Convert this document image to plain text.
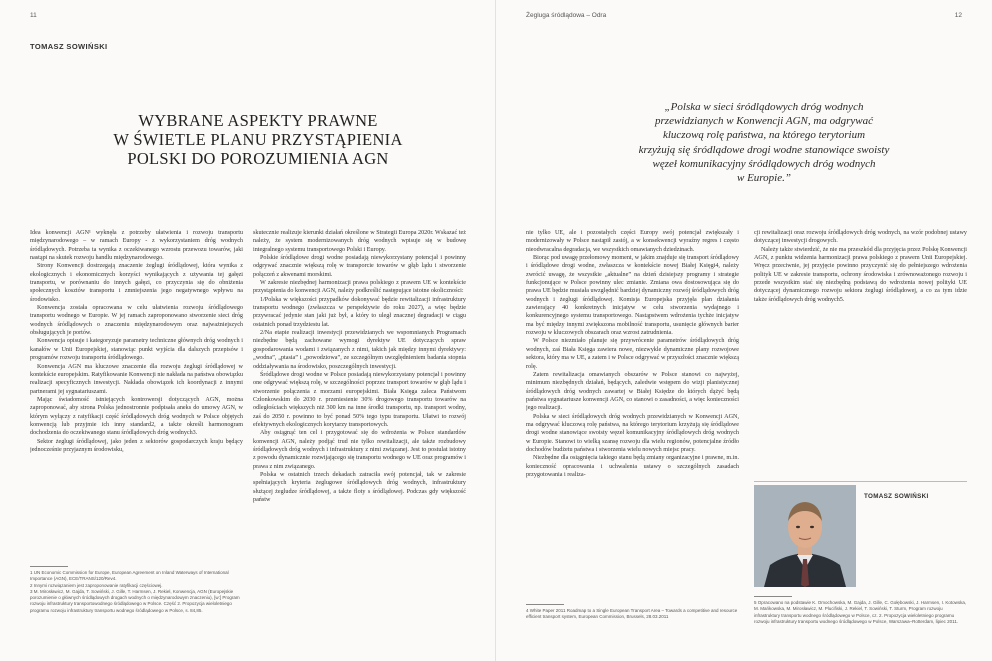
11
TOMASZ SOWIŃSKI
WYBRANE ASPEKTY PRAWNE
W ŚWIETLE PLANU PRZYSTĄPIENIA
POLSKI DO POROZUMIENIA AGN

Idea konwencji AGN¹ wyknęła z potrzeby ułatwienia i rozwoju transportu międzynarodowego – w ramach Europy - z wykorzystaniem dróg wodnych śródlądowych. Potrzeba ta wynika z oczekiwanego wzrostu przewozu towarów, jaki nastąpi na skutek rozwoju handlu międzynarodowego.

Strony Konwencji dostrzegają znaczenie żeglugi śródlądowej, która wynika z ekologicznych i ekonomicznych korzyści wynikających z używania tej gałęzi transportu, w porównaniu do innych gałęzi, co przyczynia się do obniżenia społecznych kosztów transportu i zmniejszenia jego negatywnego wpływu na środowisko.

Konwencja została opracowana w celu ułatwienia rozwoju śródlądowego transportu wodnego w Europie. W jej ramach zaproponowano stworzenie sieci dróg wodnych śródlądowych o znaczeniu międzynarodowym oraz najważniejszych obsługujących je portów.

Konwencja opisuje i kategoryzuje parametry techniczne głównych dróg wodnych i kanałów w Unii Europejskiej, stanowiąc punkt wyjścia dla dalszych przepisów i programów rozwoju transportu śródlądowego.

Konwencja AGN ma kluczowe znaczenie dla rozwoju żeglugi śródlądowej w kontekście europejskim. Ratyfikowanie Konwencji nie nakłada na państwa obowiązku realizacji specyficznych inwestycji. Nakłada obowiązek ich koordynacji z innymi partnerami jej sygnatariuszami.

Mając świadomość istniejących kontrowersji dotyczących AGN, można zaproponować, aby strona Polska jednostronnie podpisała aneks do umowy AGN, w którym wyłączy z ratyfikacji część śródlądowych dróg wodnych w Polsce objętych konwencją lub przyjmie ich inny standard2, a także określi harmonogram dochodzenia do oczekiwanego stanu śródlądowych dróg wodnych3.

Sektor żeglugi śródlądowej, jako jeden z sektorów gospodarczych kraju będący jednocześnie przyjaznym środowisku,

1 UN Economic Commission for Europe, European Agreement on Inland Waterways of International Importance (AGN), ECE/TRANS/120/Rev4.
2 Innymi rozwiązaniem jest zaproponowanie ratyfikacji częściowej.
3 M. Mirosławicz, M. Gajda, T. Sowiński, J. Gille, T. Harmsen, J. Rekiel, Konwencja, AGN (Europejskie porozumienie o głównych śródlądowych drogach wodnych o międzynarodowym znaczeniu), [w:] Program rozwoju infrastruktury transportowodnego śródlądowego w Polsce. Część 2. Propozycja wieloletniego programu rozwoju infrastruktury transportu wodnego śródlądowego w Polsce, s. 84,85.

skutecznie realizuje kierunki działań określone w Strategii Europa 2020r. Wskazać też należy, że system modernizowanych dróg wodnych wpisuje się w budowę integralnego systemu transportowego Polski i Europy.

Polskie śródlądowe drogi wodne posiadają niewykorzystany potencjał i powinny odgrywać znacznie większą rolę w transporcie towarów w głąb lądu i stworzenie połączeń z akwenami morskimi.

W zakresie niezbędnej harmonizacji prawa polskiego z prawem UE w kontekście przystąpienia do konwencji AGN, należy podkreślić następujące istotne okoliczności:

1/Polska w większości przypadków dokonywać będzie rewitalizacji infrastruktury transportu wodnego (zwłaszcza w perspektywie do roku 2027), a więc będzie przywracać jedynie stan jaki już był, a który to uległ znacznej degradacji w ciągu ostatnich ponad trzydziestu lat.

2/Na etapie realizacji inwestycji przewidzianych we wspomnianych Programach niezbędne będą zachowane wymogi dyrektyw UE dotyczących spraw gospodarowania wodami i związanych z nimi, takich jak między innymi dyrektywy: „wodna”, „ptasia” i „powodziowa”, ze szczególnym uwzględnieniem badania stopnia oddziaływania na środowisko, poszczególnych inwestycji.

Śródlądowe drogi wodne w Polsce posiadają niewykorzystany potencjał i powinny one odgrywać większą rolę, w szczególności poprzez transport towarów w głąb lądu i stworzenie połączenia z morzami europejskimi. Biała Księga zaleca Państwom Członkowskim do 2030 r. przeniesienie 30% drogowego transportu towarów na odległościach większych niż 300 km na inne środki transportu, np. transport wodny, zaś do 2050 r. powinno to być ponad 50% tego typu transportu. Ułatwi to rozwój efektywnych ekologicznych korytarzy transportowych.

Aby osiągnąć ten cel i przygotować się do wdrożenia w Polsce standardów konwencji AGN, należy podjąć trud nie tylko rewitalizacji, ale także rozbudowy śródlądowych dróg wodnych i infrastruktury z nimi związanej. Jest to postulat istotny z powodu dynamicznie rozwijającego się transportu wodnego w UE oraz programów i prawa z nim związanego.

Polska w ostatnich trzech dekadach zatraciła swój potencjał, tak w zakresie spełniających kryteria żeglugowe śródlądowych dróg wodnych, infrastruktury służącej żegludze śródlądowej, a także floty s śródlądowej. Podczas gdy większość państw

Żegluga śródlądowa – Odra	12
„Polska w sieci śródlądowych dróg wodnych
przewidzianych w Konwencji AGN, ma odgrywać
kluczową rolę państwa, na którego terytorium
krzyżują się śródlądowe drogi wodne stanowiące swoisty
węzeł komunikacyjny śródlądowych dróg wodnych
w Europie.”

nie tylko UE, ale i pozostałych części Europy swój potencjał zwiększały i modernizowały w Polsce nastąpił zastój, a w konsekwencji wyraźny regres i często nieodwracalna degradacja, we wszystkich omawianych dziedzinach.

Biorąc pod uwagę przełomowy moment, w jakim znajduje się transport śródlądowy i śródlądowe drogi wodne, zwłaszcza w kontekście nowej Białej Księgi4, należy zwrócić uwagę, że wszystkie „aktualne” na dzień dzisiejszy programy i strategie funkcjonujące w Polsce powinny ulec zmianie. Zmiana owa dostosowująca się do prawa UE będzie musiała uwzględnić bardziej dynamiczny rozwój śródlądowych dróg wodnych i żeglugi śródlądowej. Komisja Europejska przyjęła plan działania zawierający 40 konkretnych inicjatyw w celu stworzenia wydajnego i konkurencyjnego systemu transportowego. Nastąpstwem wdrożenia tychże inicjatyw ma być między innymi zwiększona mobilność transportu, usunięcie głównych barier rozwoju w kluczowych obszarach oraz wzrost zatrudnienia.

W Polsce niezmiało planuje się przywrócenie parametrów śródlądowych dróg wodnych, zaś Biała Księga zawiera nowe, niezwykle dynamiczne plany rozwojowe sektora, który ma w UE, a zatem i w Polsce odgrywać w przyszłości znacznie większą rolę.

Zatem rewitalizacja omawianych obszarów w Polsce stanowi co najwyżej, minimum niezbędnych działań, będących, zaledwie wstępem do wizji planistycznej śródlądowych dróg wodnych zawartej w Białej Księdze do których dążyć będą państwa sygnatariusze konwencji AGN, co stanowi o zasadności, a więc konieczności jego realizacji.

Polska w sieci śródlądowych dróg wodnych przewidzianych w Konwencji AGN, ma odgrywać kluczową rolę państwa, na którego terytorium krzyżują się śródlądowe drogi wodne stanowiące swoisty węzeł komunikacyjny śródlądowych dróg wodnych w Europie. Stanowi to wielką szansę rozwoju dla wielu regionów, potencjalne źródło dochodów budżetu państwa i stworzenia wielu nowych miejsc pracy.

Niezbędne dla osiągnięcia takiego stanu będą zmiany organizacyjne i prawne, m.in. konieczność opracowania i uchwalenia ustawy o szczególnych zasadach przygotowania i realiza-

4 White Paper 2011 Roadmap to a Single European Transport Area – Towards a competitive and resource efficient transport system, European Commission, Brussels, 28.03.2011

cji rewitalizacji oraz rozwoju śródlądowych dróg wodnych, na wzór podobnej ustawy dotyczącej inwestycji drogowych.

Należy także stwierdzić, że nie ma przeszkód dla przyjęcia przez Polskę Konwencji AGN, z punktu widzenia harmonizacji prawa polskiego z prawem Unii Europejskiej. Wręcz przeciwnie, jej przyjęcie powinno przyczynić się do pełniejszego wdrożenia polityk UE w zakresie transportu, ochrony środowiska i zrównoważonego rozwoju i przede wszystkim stać się niezbędną podstawą do wdrożenia nowej polityki UE dotyczącej dynamicznego rozwoju sektora żeglugi śródlądowej, a co za tym idzie także śródlądowych dróg wodnych5.

5 Opracowano na podstawie K. Omochowska, M. Gajda, J. Gille, C. Gołębowski, J. Harmsen, I. Kotowska, M. Mańkowska, M. Mirosławicz, M. Plucifiski, J. Rekiel, T. Sowiński, T. Sturm, Program rozwoju infrastruktury transportu wodnego śródlądowego w Polsce, cz. 2. Propozycja wieloletniego programu rozwoju infrastruktury transportu wodnego śródlądowego w Polsce, Warszawa–Rotterdam, lipiec 2011.
TOMASZ SOWIŃSKI
